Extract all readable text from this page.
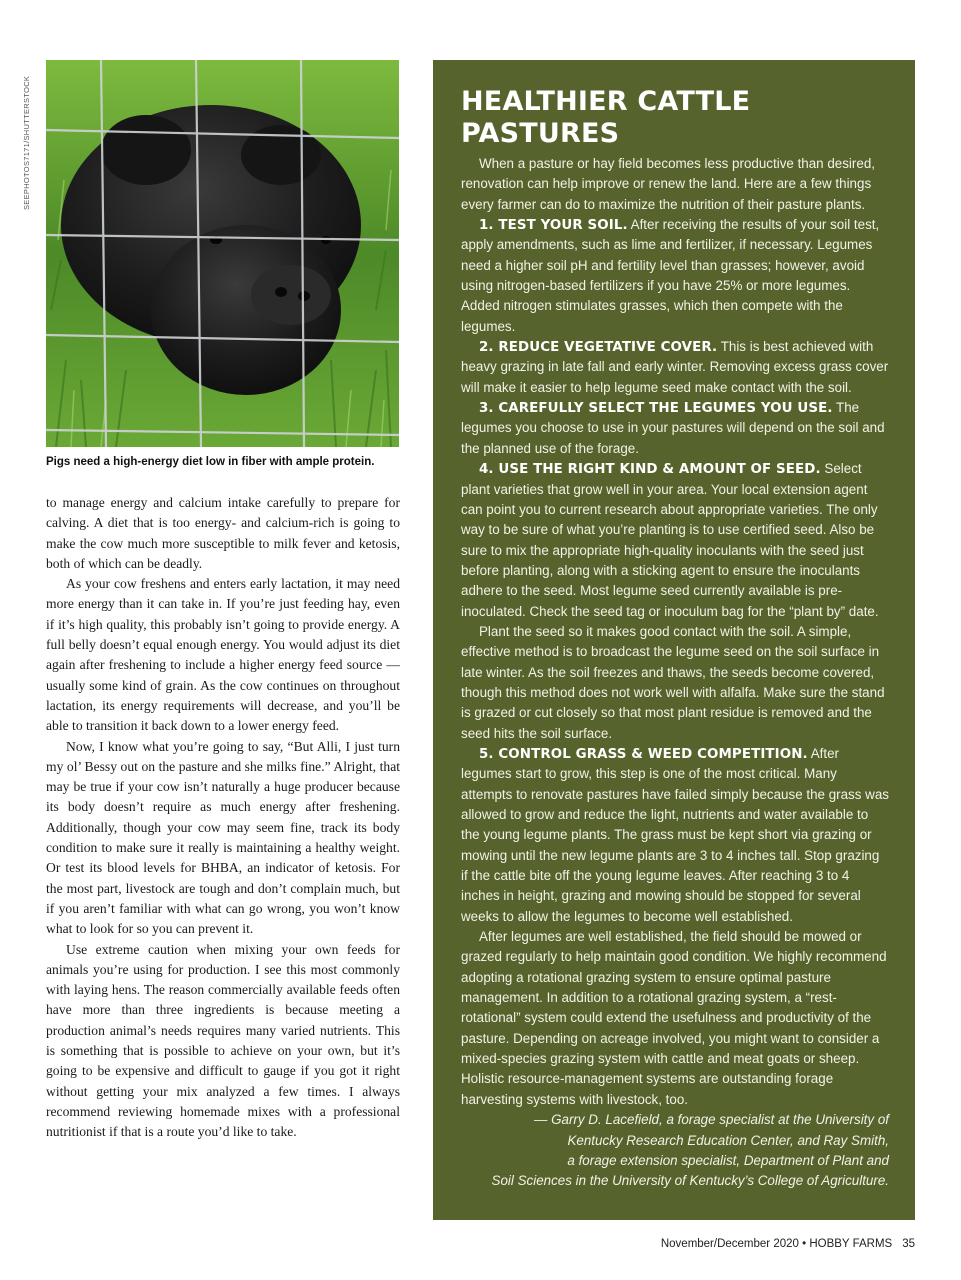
SEEPHOTOS7171/SHUTTERSTOCK
Pigs need a high-energy diet low in fiber with ample protein.

to manage energy and calcium intake carefully to prepare for calving. A diet that is too energy- and calcium-rich is going to make the cow much more susceptible to milk fever and ketosis, both of which can be deadly.

As your cow freshens and enters early lactation, it may need more energy than it can take in. If you’re just feeding hay, even if it’s high quality, this probably isn’t going to provide energy. A full belly doesn’t equal enough energy. You would adjust its diet again after freshening to include a higher energy feed source — usually some kind of grain. As the cow continues on throughout lactation, its energy requirements will decrease, and you’ll be able to transition it back down to a lower energy feed.

Now, I know what you’re going to say, “But Alli, I just turn my ol’ Bessy out on the pasture and she milks fine.” Alright, that may be true if your cow isn’t naturally a huge producer because its body doesn’t require as much energy after freshening. Additionally, though your cow may seem fine, track its body condition to make sure it really is maintaining a healthy weight. Or test its blood levels for BHBA, an indicator of ketosis. For the most part, livestock are tough and don’t complain much, but if you aren’t familiar with what can go wrong, you won’t know what to look for so you can prevent it.

Use extreme caution when mixing your own feeds for animals you’re using for production. I see this most commonly with laying hens. The reason commercially available feeds often have more than three ingredients is because meeting a production animal’s needs requires many varied nutrients. This is something that is possible to achieve on your own, but it’s going to be expensive and difficult to gauge if you got it right without getting your mix analyzed a few times. I always recommend reviewing homemade mixes with a professional nutritionist if that is a route you’d like to take.

HEALTHIER CATTLE PASTURES

When a pasture or hay field becomes less productive than desired, renovation can help improve or renew the land. Here are a few things every farmer can do to maximize the nutrition of their pasture plants.

1. TEST YOUR SOIL. After receiving the results of your soil test, apply amendments, such as lime and fertilizer, if necessary. Legumes need a higher soil pH and fertility level than grasses; however, avoid using nitrogen-based fertilizers if you have 25% or more legumes. Added nitrogen stimulates grasses, which then compete with the legumes.

2. REDUCE VEGETATIVE COVER. This is best achieved with heavy grazing in late fall and early winter. Removing excess grass cover will make it easier to help legume seed make contact with the soil.

3. CAREFULLY SELECT THE LEGUMES YOU USE. The legumes you choose to use in your pastures will depend on the soil and the planned use of the forage.

4. USE THE RIGHT KIND & AMOUNT OF SEED. Select plant varieties that grow well in your area. Your local extension agent can point you to current research about appropriate varieties. The only way to be sure of what you’re planting is to use certified seed. Also be sure to mix the appropriate high-quality inoculants with the seed just before planting, along with a sticking agent to ensure the inoculants adhere to the seed. Most legume seed currently available is pre-inoculated. Check the seed tag or inoculum bag for the “plant by” date.

Plant the seed so it makes good contact with the soil. A simple, effective method is to broadcast the legume seed on the soil surface in late winter. As the soil freezes and thaws, the seeds become covered, though this method does not work well with alfalfa. Make sure the stand is grazed or cut closely so that most plant residue is removed and the seed hits the soil surface.

5. CONTROL GRASS & WEED COMPETITION. After legumes start to grow, this step is one of the most critical. Many attempts to renovate pastures have failed simply because the grass was allowed to grow and reduce the light, nutrients and water available to the young legume plants. The grass must be kept short via grazing or mowing until the new legume plants are 3 to 4 inches tall. Stop grazing if the cattle bite off the young legume leaves. After reaching 3 to 4 inches in height, grazing and mowing should be stopped for several weeks to allow the legumes to become well established.

After legumes are well established, the field should be mowed or grazed regularly to help maintain good condition. We highly recommend adopting a rotational grazing system to ensure optimal pasture management. In addition to a rotational grazing system, a “rest-rotational” system could extend the usefulness and productivity of the pasture. Depending on acreage involved, you might want to consider a mixed-species grazing system with cattle and meat goats or sheep. Holistic resource-management systems are outstanding forage harvesting systems with livestock, too.

— Garry D. Lacefield, a forage specialist at the University of

Kentucky Research Education Center, and Ray Smith,

a forage extension specialist, Department of Plant and

Soil Sciences in the University of Kentucky’s College of Agriculture.

November/December 2020 • HOBBY FARMS 35
